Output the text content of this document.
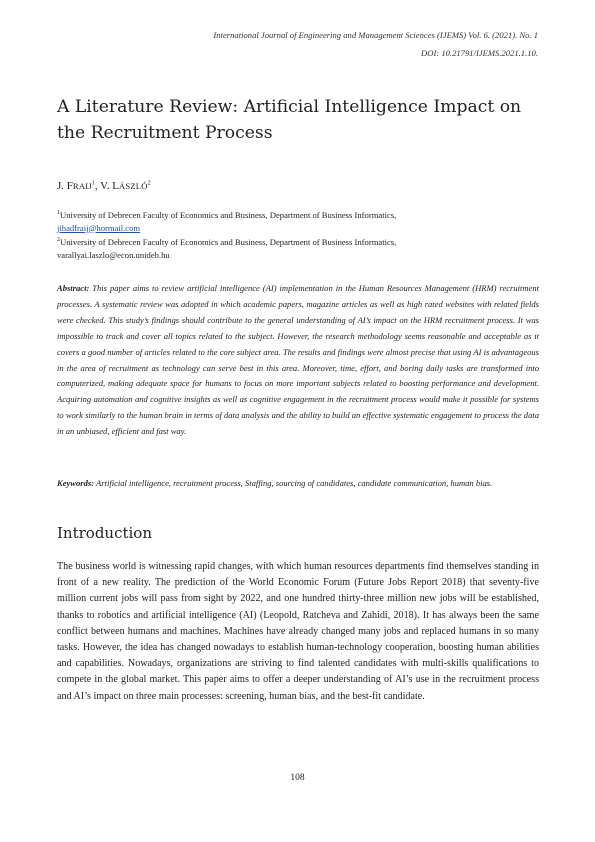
International Journal of Engineering and Management Sciences (IJEMS) Vol. 6. (2021). No. 1
DOI: 10.21791/IJEMS.2021.1.10.
A Literature Review: Artificial Intelligence Impact on the Recruitment Process
J. FRAIJ$^1$, V. LÁSZLÓ$^2$
$^1$University of Debrecen Faculty of Economics and Business, Department of Business Informatics,
jihadfraij@hormail.com
$^2$University of Debrecen Faculty of Economics and Business, Department of Business Informatics,
varallyai.laszlo@econ.unideb.hu
Abstract: This paper aims to review artificial intelligence (AI) implementation in the Human Resources Management (HRM) recruitment processes. A systematic review was adopted in which academic papers, magazine articles as well as high rated websites with related fields were checked. This study’s findings should contribute to the general understanding of AI’s impact on the HRM recruitment process. It was impossible to track and cover all topics related to the subject. However, the research methodology seems reasonable and acceptable as it covers a good number of articles related to the core subject area. The results and findings were almost precise that using AI is advantageous in the area of recruitment as technology can serve best in this area. Moreover, time, effort, and boring daily tasks are transformed into computerized, making adequate space for humans to focus on more important subjects related to boosting performance and development. Acquiring automation and cognitive insights as well as cognitive engagement in the recruitment process would make it possible for systems to work similarly to the human brain in terms of data analysis and the ability to build an effective systematic engagement to process the data in an unbiased, efficient and fast way.
Keywords: Artificial intelligence, recruitment process, Staffing, sourcing of candidates, candidate communication, human bias.
Introduction
The business world is witnessing rapid changes, with which human resources departments find themselves standing in front of a new reality. The prediction of the World Economic Forum (Future Jobs Report 2018) that seventy-five million current jobs will pass from sight by 2022, and one hundred thirty-three million new jobs will be established, thanks to robotics and artificial intelligence (AI) (Leopold, Ratcheva and Zahidi, 2018). It has always been the same conflict between humans and machines. Machines have already changed many jobs and replaced humans in so many tasks. However, the idea has changed nowadays to establish human-technology cooperation, boosting human abilities and capabilities. Nowadays, organizations are striving to find talented candidates with multi-skills qualifications to compete in the global market. This paper aims to offer a deeper understanding of AI’s use in the recruitment process and AI’s impact on three main processes: screening, human bias, and the best-fit candidate.
108
